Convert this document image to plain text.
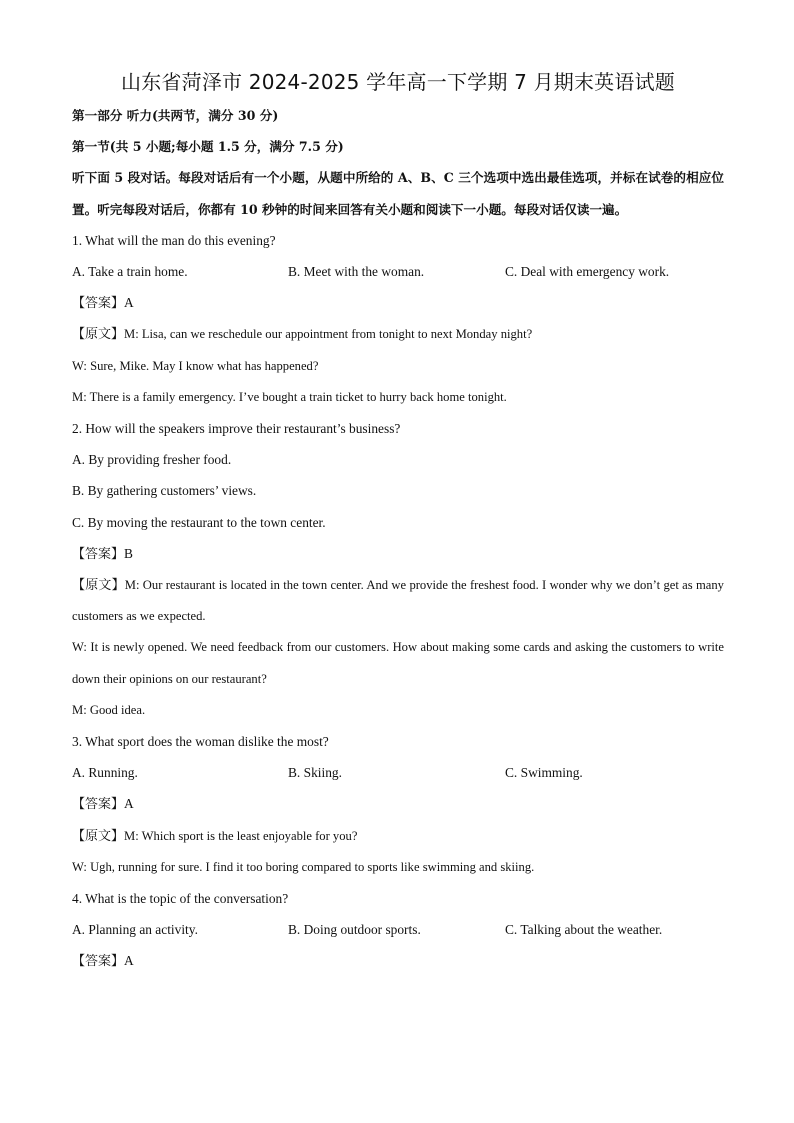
山东省菏泽市 2024-2025 学年高一下学期 7 月期末英语试题
第一部分 听力(共两节，满分 30 分)
第一节(共 5 小题;每小题 1.5 分，满分 7.5 分)
听下面 5 段对话。每段对话后有一个小题，从题中所给的 A、B、C 三个选项中选出最佳选项，并标在试卷的相应位置。听完每段对话后，你都有 10 秒钟的时间来回答有关小题和阅读下一小题。每段对话仅读一遍。
1. What will the man do this evening?
A. Take a train home.	B. Meet with the woman.	C. Deal with emergency work.
【答案】A
【原文】M: Lisa, can we reschedule our appointment from tonight to next Monday night?
W: Sure, Mike. May I know what has happened?
M: There is a family emergency. I’ve bought a train ticket to hurry back home tonight.
2. How will the speakers improve their restaurant’s business?
A. By providing fresher food.
B. By gathering customers’ views.
C. By moving the restaurant to the town center.
【答案】B
【原文】M: Our restaurant is located in the town center. And we provide the freshest food. I wonder why we don’t get as many customers as we expected.
W: It is newly opened. We need feedback from our customers. How about making some cards and asking the customers to write down their opinions on our restaurant?
M: Good idea.
3. What sport does the woman dislike the most?
A. Running.	B. Skiing.	C. Swimming.
【答案】A
【原文】M: Which sport is the least enjoyable for you?
W: Ugh, running for sure. I find it too boring compared to sports like swimming and skiing.
4. What is the topic of the conversation?
A. Planning an activity.	B. Doing outdoor sports.	C. Talking about the weather.
【答案】A
